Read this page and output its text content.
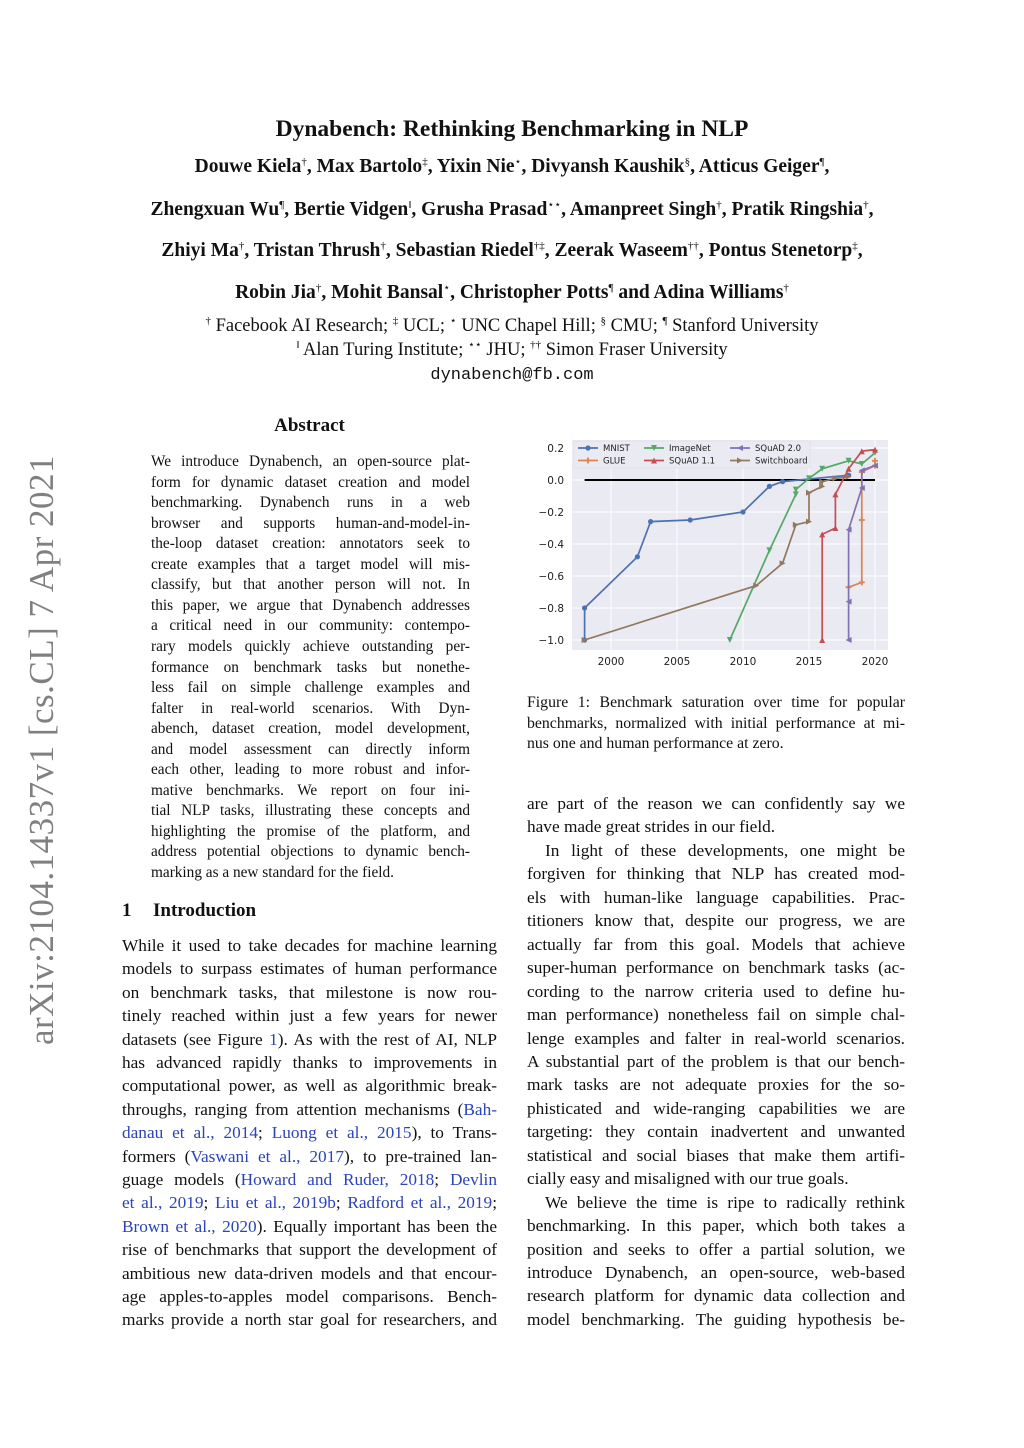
Dynabench: Rethinking Benchmarking in NLP
dynabench@fb.com
arXiv:2104.14337v1 [cs.CL] 7 Apr 2021
Abstract
We introduce Dynabench, an open-source plat-
form for dynamic dataset creation and model
benchmarking. Dynabench runs in a web
browser and supports human-and-model-in-
the-loop dataset creation: annotators seek to
create examples that a target model will mis-
classify, but that another person will not. In
this paper, we argue that Dynabench addresses
a critical need in our community: contempo-
rary models quickly achieve outstanding per-
formance on benchmark tasks but nonethe-
less fail on simple challenge examples and
falter in real-world scenarios. With Dyn-
abench, dataset creation, model development,
and model assessment can directly inform
each other, leading to more robust and infor-
mative benchmarks. We report on four ini-
tial NLP tasks, illustrating these concepts and
highlighting the promise of the platform, and
address potential objections to dynamic bench-
marking as a new standard for the field.
1 Introduction
While it used to take decades for machine learning
models to surpass estimates of human performance
on benchmark tasks, that milestone is now rou-
tinely reached within just a few years for newer
datasets (see Figure 1). As with the rest of AI, NLP
has advanced rapidly thanks to improvements in
computational power, as well as algorithmic break-
throughs, ranging from attention mechanisms (Bah-
danau et al., 2014; Luong et al., 2015), to Trans-
formers (Vaswani et al., 2017), to pre-trained lan-
guage models (Howard and Ruder, 2018; Devlin
et al., 2019; Liu et al., 2019b; Radford et al., 2019;
Brown et al., 2020). Equally important has been the
rise of benchmarks that support the development of
ambitious new data-driven models and that encour-
age apples-to-apples model comparisons. Bench-
marks provide a north star goal for researchers, and
are part of the reason we can confidently say we
have made great strides in our field.
In light of these developments, one might be
forgiven for thinking that NLP has created mod-
els with human-like language capabilities. Prac-
titioners know that, despite our progress, we are
actually far from this goal. Models that achieve
super-human performance on benchmark tasks (ac-
cording to the narrow criteria used to define hu-
man performance) nonetheless fail on simple chal-
lenge examples and falter in real-world scenarios.
A substantial part of the problem is that our bench-
mark tasks are not adequate proxies for the so-
phisticated and wide-ranging capabilities we are
targeting: they contain inadvertent and unwanted
statistical and social biases that make them artifi-
cially easy and misaligned with our true goals.
We believe the time is ripe to radically rethink
benchmarking. In this paper, which both takes a
position and seeks to offer a partial solution, we
introduce Dynabench, an open-source, web-based
research platform for dynamic data collection and
model benchmarking. The guiding hypothesis be-
Figure 1: Benchmark saturation over time for popular
benchmarks, normalized with initial performance at mi-
nus one and human performance at zero.
2000	2005	2010	2015	2020
0.2
0.0
−0.2
−0.4
−0.6
−0.8
−1.0
MNIST	ImageNet	SQuAD 2.0
GLUE	SQuAD 1.1	Switchboard
Douwe Kiela†, Max Bartolo‡, Yixin Nie⋆, Divyansh Kaushik§, Atticus Geiger¶,
Zhengxuan Wu¶, Bertie Vidgen‖, Grusha Prasad⋆⋆, Amanpreet Singh†, Pratik Ringshia†,
Zhiyi Ma†, Tristan Thrush†, Sebastian Riedel†‡, Zeerak Waseem††, Pontus Stenetorp‡,
Robin Jia†, Mohit Bansal⋆, Christopher Potts¶ and Adina Williams†
† Facebook AI Research; ‡ UCL; ⋆ UNC Chapel Hill; § CMU; ¶ Stanford University
‖ Alan Turing Institute; ⋆⋆ JHU; †† Simon Fraser University
